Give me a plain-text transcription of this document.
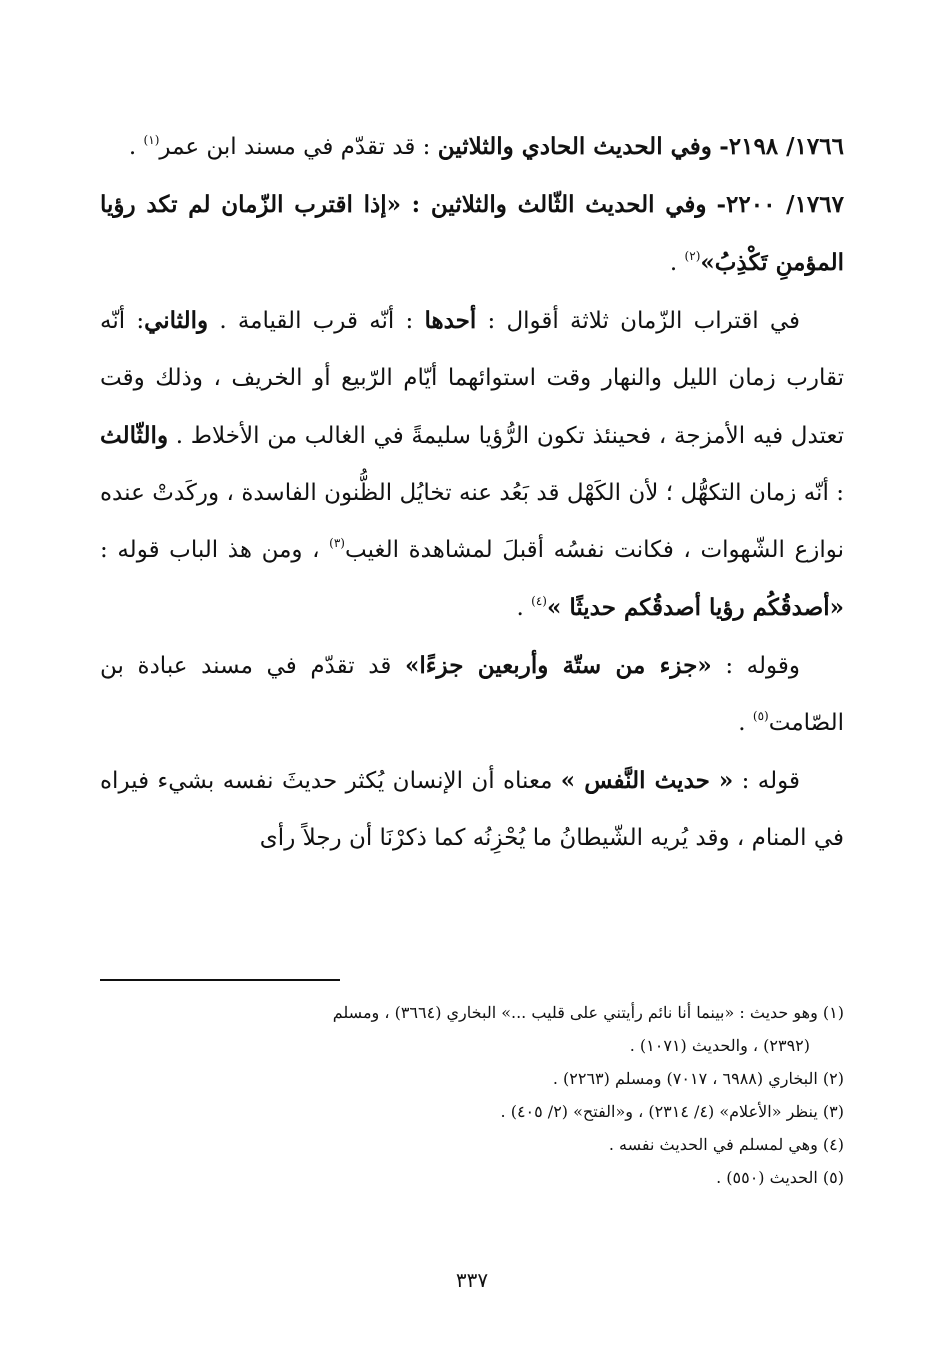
١٧٦٦/ ٢١٩٨- وفي الحديث الحادي والثلاثين : قد تقدّم في مسند ابن عمر$^{(١)}$ .

١٧٦٧/ ٢٢٠٠- وفي الحديث الثّالث والثلاثين : «إذا اقترب الزّمان لم تكد رؤيا المؤمنِ تَكْذِبُ»$^{(٢)}$ .

في اقتراب الزّمان ثلاثة أقوال : أحدها : أنّه قرب القيامة . والثاني: أنّه تقارب زمان الليل والنهار وقت استوائهما أيّام الرّبيع أو الخريف ، وذلك وقت تعتدل فيه الأمزجة ، فحينئذ تكون الرُّؤيا سليمةً في الغالب من الأخلاط . والثّالث : أنّه زمان التكهُّل ؛ لأن الكَهْل قد بَعُد عنه تخايُل الظُّنون الفاسدة ، وركَدتْ عنده نوازع الشّهوات ، فكانت نفسُه أقبلَ لمشاهدة الغيب$^{(٣)}$ ، ومن هذ الباب قوله : «أصدقُكُم رؤيا أصدقُكم حديثًا »$^{(٤)}$ .

وقوله : «جزء من ستّة وأربعين جزءًا» قد تقدّم في مسند عبادة بن الصّامت$^{(٥)}$ .

قوله : « حديث النَّفس » معناه أن الإنسان يُكثر حديثَ نفسه بشيء فيراه في المنام ، وقد يُريه الشّيطانُ ما يُحْزِنُه كما ذكرْنَا أن رجلاً رأى

(١) وهو حديث : «بينما أنا نائم رأيتني على قليب ...» البخاري (٣٦٦٤) ، ومسلم

(٢٣٩٢) ، والحديث (١٠٧١) .

(٢) البخاري (٦٩٨٨ ، ٧٠١٧) ومسلم (٢٢٦٣) .

(٣) ينظر «الأعلام» (٤/ ٢٣١٤) ، و«الفتح» (٢/ ٤٠٥) .

(٤) وهي لمسلم في الحديث نفسه .

(٥) الحديث (٥٥٠) .

٣٣٧
